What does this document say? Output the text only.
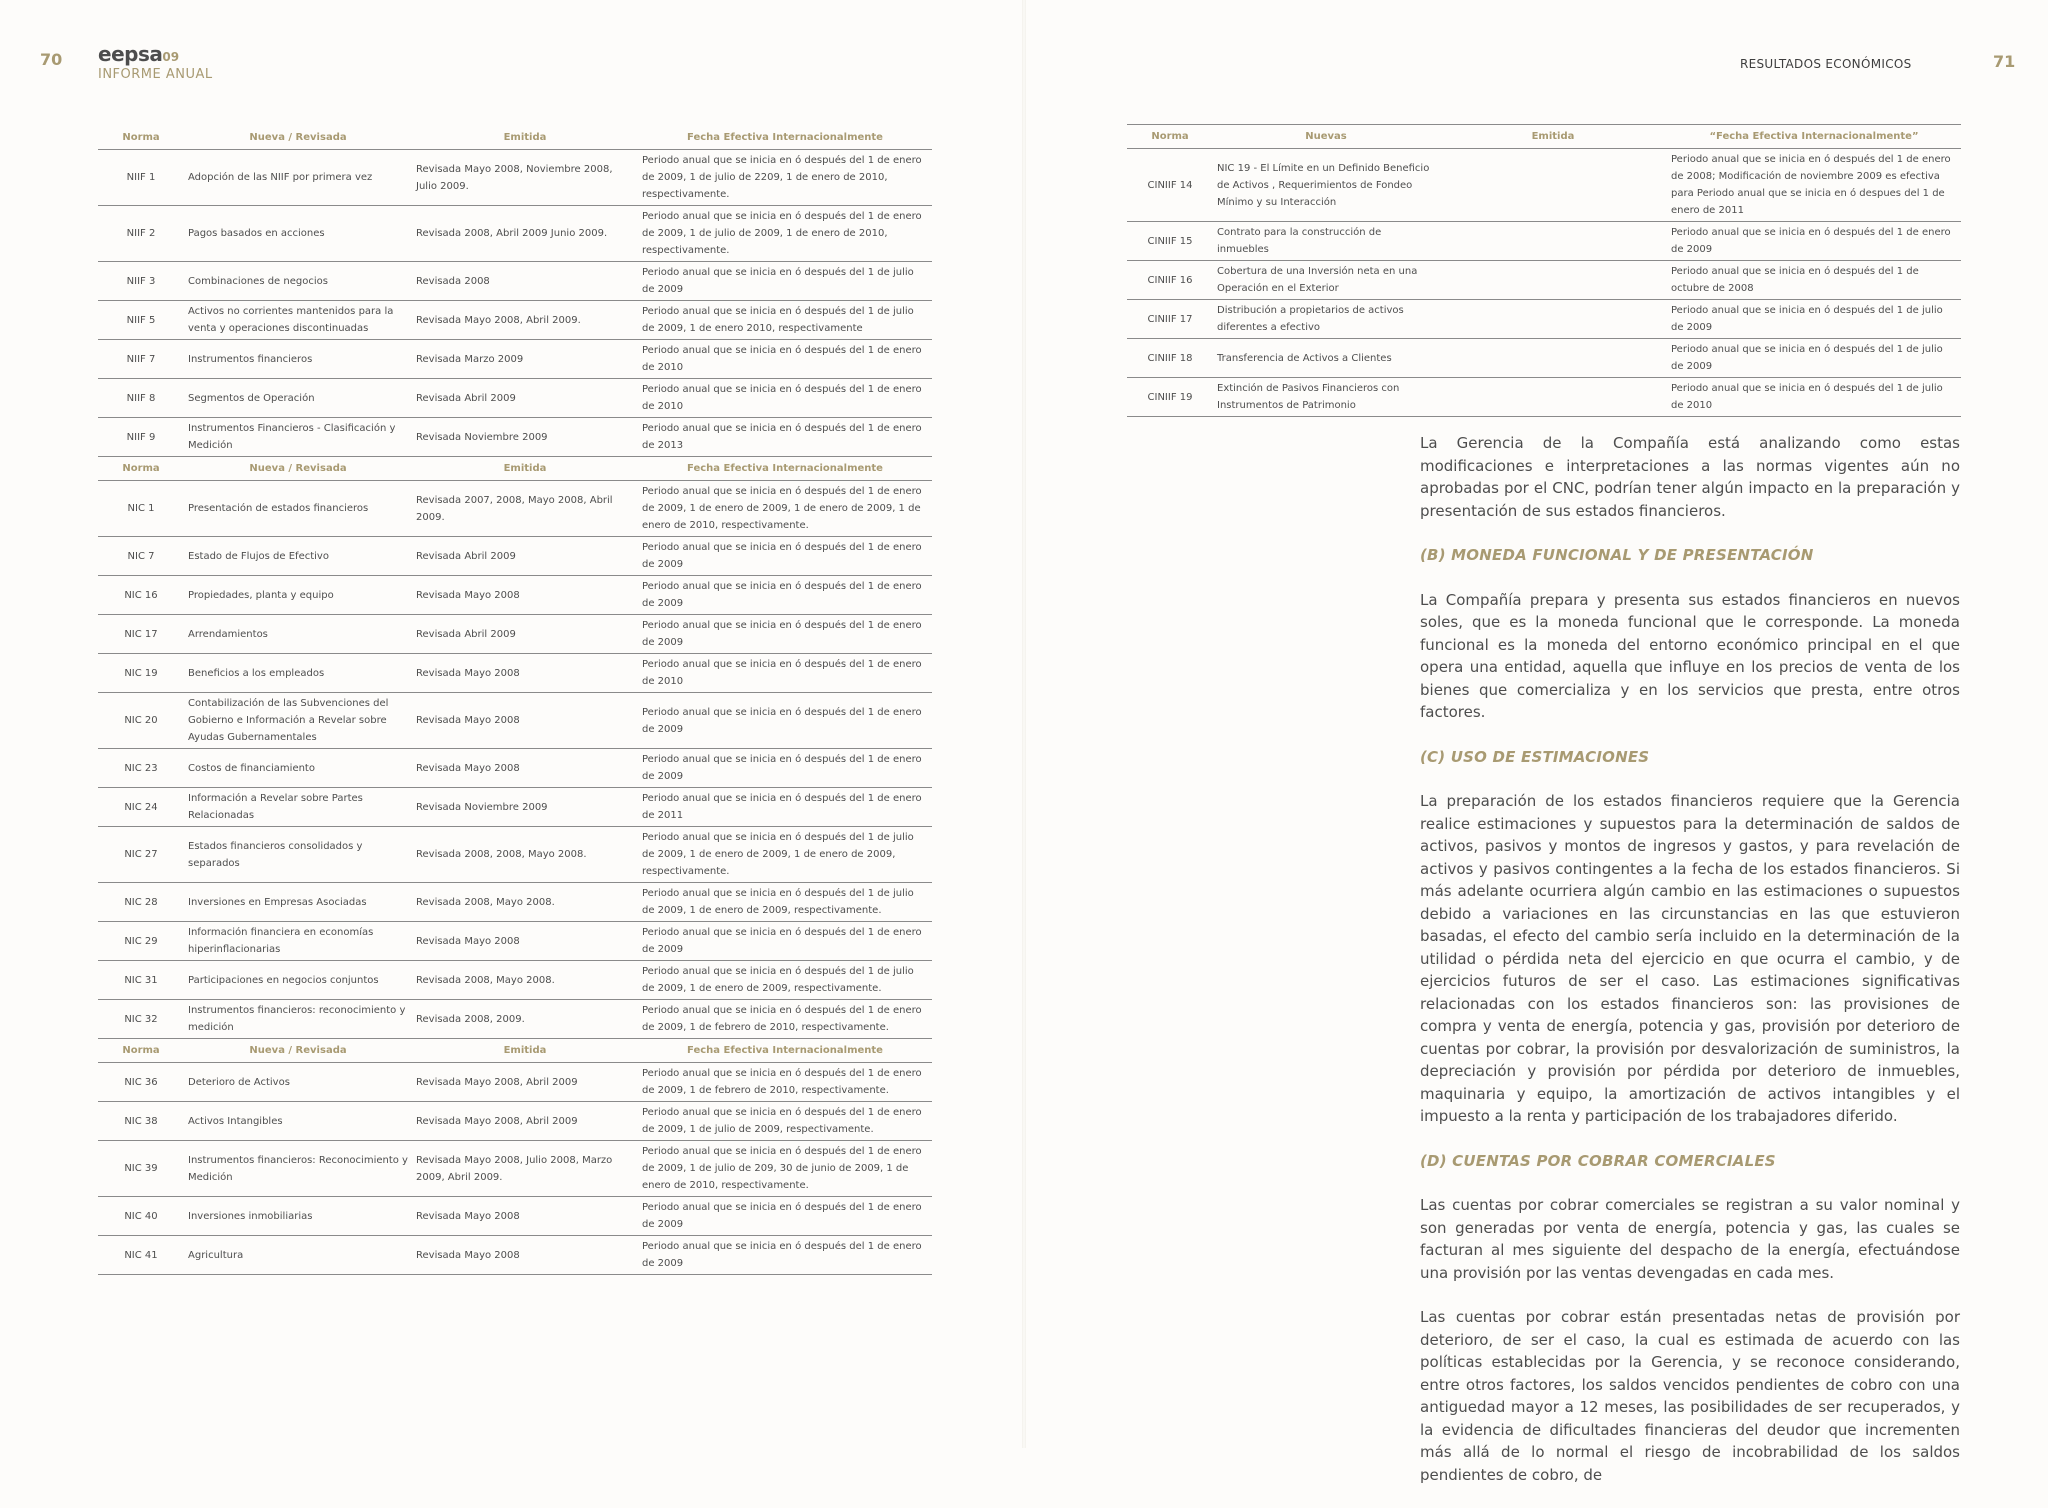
70 eepsa09
INFORME ANUAL
RESULTADOS ECONÓMICOS	71
Norma	Nueva / Revisada	Emitida	Fecha Efectiva Internacionalmente
NIIF 1	Adopción de las NIIF por primera vez	Revisada Mayo 2008, Noviembre 2008, Julio 2009.	Periodo anual que se inicia en ó después del 1 de enero de 2009, 1 de julio de 2209, 1 de enero de 2010, respectivamente.
NIIF 2	Pagos basados en acciones	Revisada 2008, Abril 2009 Junio 2009.	Periodo anual que se inicia en ó después del 1 de enero de 2009, 1 de julio de 2009, 1 de enero de 2010, respectivamente.
NIIF 3	Combinaciones de negocios	Revisada 2008	Periodo anual que se inicia en ó después del 1 de julio de 2009
NIIF 5	Activos no corrientes mantenidos para la venta y operaciones discontinuadas	Revisada Mayo 2008, Abril 2009.	Periodo anual que se inicia en ó después del 1 de julio de 2009, 1 de enero 2010, respectivamente
NIIF 7	Instrumentos financieros	Revisada Marzo 2009	Periodo anual que se inicia en ó después del 1 de enero de 2010
NIIF 8	Segmentos de Operación	Revisada Abril 2009	Periodo anual que se inicia en ó después del 1 de enero de 2010
NIIF 9	Instrumentos Financieros - Clasificación y Medición	Revisada Noviembre 2009	Periodo anual que se inicia en ó después del 1 de enero de 2013
Norma	Nueva / Revisada	Emitida	Fecha Efectiva Internacionalmente
NIC 1	Presentación de estados financieros	Revisada 2007, 2008, Mayo 2008, Abril 2009.	Periodo anual que se inicia en ó después del 1 de enero de 2009, 1 de enero de 2009, 1 de enero de 2009, 1 de enero de 2010, respectivamente.
NIC 7	Estado de Flujos de Efectivo	Revisada Abril 2009	Periodo anual que se inicia en ó después del 1 de enero de 2009
NIC 16	Propiedades, planta y equipo	Revisada Mayo 2008	Periodo anual que se inicia en ó después del 1 de enero de 2009
NIC 17	Arrendamientos	Revisada Abril 2009	Periodo anual que se inicia en ó después del 1 de enero de 2009
NIC 19	Beneficios a los empleados	Revisada Mayo 2008	Periodo anual que se inicia en ó después del 1 de enero de 2010
NIC 20	Contabilización de las Subvenciones del Gobierno e Información a Revelar sobre Ayudas Gubernamentales	Revisada Mayo 2008	Periodo anual que se inicia en ó después del 1 de enero de 2009
NIC 23	Costos de financiamiento	Revisada Mayo 2008	Periodo anual que se inicia en ó después del 1 de enero de 2009
NIC 24	Información a Revelar sobre Partes Relacionadas	Revisada Noviembre 2009	Periodo anual que se inicia en ó después del 1 de enero de 2011
NIC 27	Estados financieros consolidados y separados	Revisada 2008, 2008, Mayo 2008.	Periodo anual que se inicia en ó después del 1 de julio de 2009, 1 de enero de 2009, 1 de enero de 2009, respectivamente.
NIC 28	Inversiones en Empresas Asociadas	Revisada 2008, Mayo 2008.	Periodo anual que se inicia en ó después del 1 de julio de 2009, 1 de enero de 2009, respectivamente.
NIC 29	Información financiera en economías hiperinflacionarias	Revisada Mayo 2008	Periodo anual que se inicia en ó después del 1 de enero de 2009
NIC 31	Participaciones en negocios conjuntos	Revisada 2008, Mayo 2008.	Periodo anual que se inicia en ó después del 1 de julio de 2009, 1 de enero de 2009, respectivamente.
NIC 32	Instrumentos financieros: reconocimiento y medición	Revisada 2008, 2009.	Periodo anual que se inicia en ó después del 1 de enero de 2009, 1 de febrero de 2010, respectivamente.
Norma	Nueva / Revisada	Emitida	Fecha Efectiva Internacionalmente
NIC 36	Deterioro de Activos	Revisada Mayo 2008, Abril 2009	Periodo anual que se inicia en ó después del 1 de enero de 2009, 1 de febrero de 2010, respectivamente.
NIC 38	Activos Intangibles	Revisada Mayo 2008, Abril 2009	Periodo anual que se inicia en ó después del 1 de enero de 2009, 1 de julio de 2009, respectivamente.
NIC 39	Instrumentos financieros: Reconocimiento y Medición	Revisada Mayo 2008, Julio 2008, Marzo 2009, Abril 2009.	Periodo anual que se inicia en ó después del 1 de enero de 2009, 1 de julio de 209, 30 de junio de 2009, 1 de enero de 2010, respectivamente.
NIC 40	Inversiones inmobiliarias	Revisada Mayo 2008	Periodo anual que se inicia en ó después del 1 de enero de 2009
NIC 41	Agricultura	Revisada Mayo 2008	Periodo anual que se inicia en ó después del 1 de enero de 2009
Norma	Nuevas	Emitida	“Fecha Efectiva Internacionalmente”
CINIIF 14	NIC 19 - El Límite en un Definido Beneficio de Activos , Requerimientos de Fondeo Mínimo y su Interacción		Periodo anual que se inicia en ó después del 1 de enero de 2008; Modificación de noviembre 2009 es efectiva para Periodo anual que se inicia en ó despues del 1 de enero de 2011
CINIIF 15	Contrato para la construcción de inmuebles		Periodo anual que se inicia en ó después del 1 de enero de 2009
CINIIF 16	Cobertura de una Inversión neta en una Operación en el Exterior		Periodo anual que se inicia en ó después del 1 de octubre de 2008
CINIIF 17	Distribución a propietarios de activos diferentes a efectivo		Periodo anual que se inicia en ó después del 1 de julio de 2009
CINIIF 18	Transferencia de Activos a Clientes		Periodo anual que se inicia en ó después del 1 de julio de 2009
CINIIF 19	Extinción de Pasivos Financieros con Instrumentos de Patrimonio		Periodo anual que se inicia en ó después del 1 de julio de 2010

La Gerencia de la Compañía está analizando como estas modificaciones e interpretaciones a las normas vigentes aún no aprobadas por el CNC, podrían tener algún impacto en la preparación y presentación de sus estados financieros.

(B) MONEDA FUNCIONAL Y DE PRESENTACIÓN

La Compañía prepara y presenta sus estados financieros en nuevos soles, que es la moneda funcional que le corresponde. La moneda funcional es la moneda del entorno económico principal en el que opera una entidad, aquella que influye en los precios de venta de los bienes que comercializa y en los servicios que presta, entre otros factores.

(C) USO DE ESTIMACIONES

La preparación de los estados financieros requiere que la Gerencia realice estimaciones y supuestos para la determinación de saldos de activos, pasivos y montos de ingresos y gastos, y para revelación de activos y pasivos contingentes a la fecha de los estados financieros. Si más adelante ocurriera algún cambio en las estimaciones o supuestos debido a variaciones en las circunstancias en las que estuvieron basadas, el efecto del cambio sería incluido en la determinación de la utilidad o pérdida neta del ejercicio en que ocurra el cambio, y de ejercicios futuros de ser el caso. Las estimaciones significativas relacionadas con los estados financieros son: las provisiones de compra y venta de energía, potencia y gas, provisión por deterioro de cuentas por cobrar, la provisión por desvalorización de suministros, la depreciación y provisión por pérdida por deterioro de inmuebles, maquinaria y equipo, la amortización de activos intangibles y el impuesto a la renta y participación de los trabajadores diferido.

(D) CUENTAS POR COBRAR COMERCIALES

Las cuentas por cobrar comerciales se registran a su valor nominal y son generadas por venta de energía, potencia y gas, las cuales se facturan al mes siguiente del despacho de la energía, efectuándose una provisión por las ventas devengadas en cada mes.

Las cuentas por cobrar están presentadas netas de provisión por deterioro, de ser el caso, la cual es estimada de acuerdo con las políticas establecidas por la Gerencia, y se reconoce considerando, entre otros factores, los saldos vencidos pendientes de cobro con una antiguedad mayor a 12 meses, las posibilidades de ser recuperados, y la evidencia de dificultades financieras del deudor que incrementen más allá de lo normal el riesgo de incobrabilidad de los saldos pendientes de cobro, de
